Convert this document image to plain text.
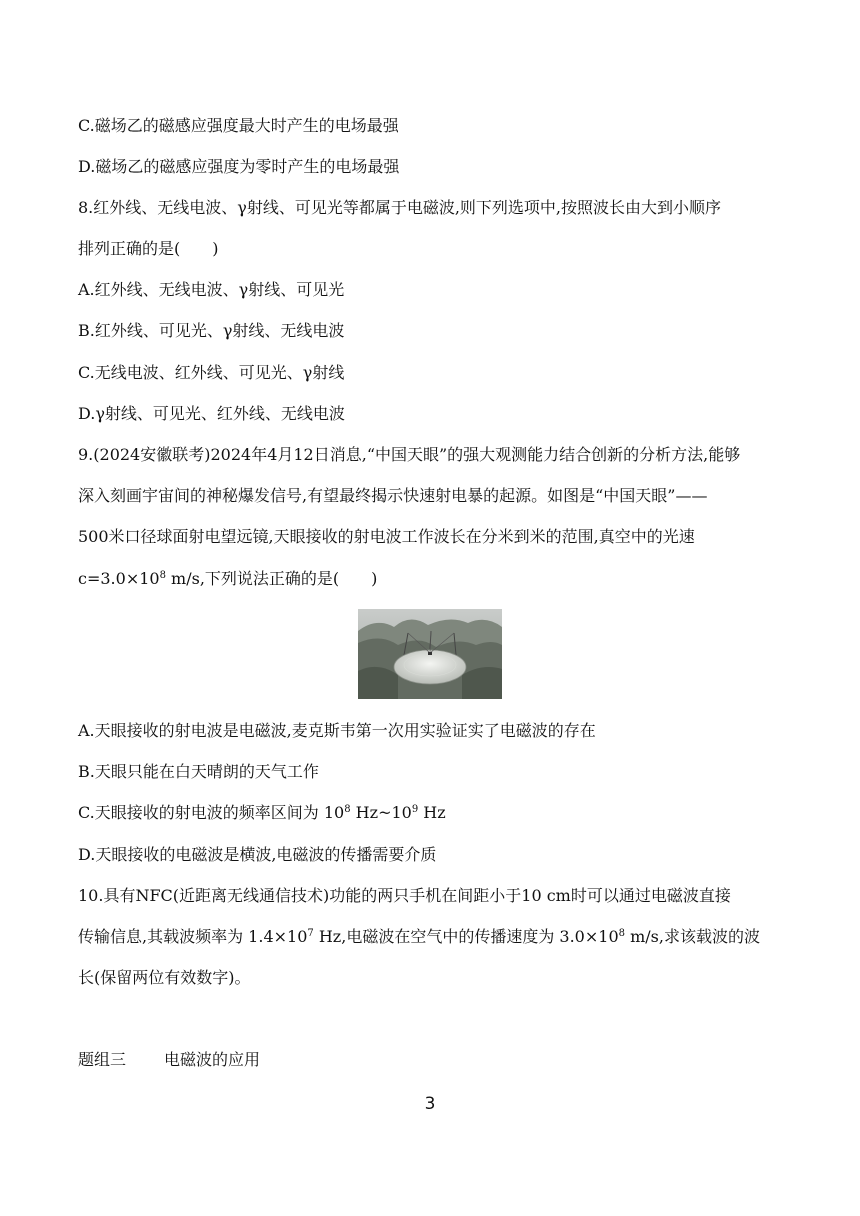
C.磁场乙的磁感应强度最大时产生的电场最强
D.磁场乙的磁感应强度为零时产生的电场最强
8.红外线、无线电波、γ射线、可见光等都属于电磁波,则下列选项中,按照波长由大到小顺序
排列正确的是(　　)
A.红外线、无线电波、γ射线、可见光
B.红外线、可见光、γ射线、无线电波
C.无线电波、红外线、可见光、γ射线
D.γ射线、可见光、红外线、无线电波
9.(2024安徽联考)2024年4月12日消息,“中国天眼”的强大观测能力结合创新的分析方法,能够
深入刻画宇宙间的神秘爆发信号,有望最终揭示快速射电暴的起源。如图是“中国天眼”——
500米口径球面射电望远镜,天眼接收的射电波工作波长在分米到米的范围,真空中的光速
$c=3.0\times 10^8$ m/s,下列说法正确的是(　　)
A.天眼接收的射电波是电磁波,麦克斯韦第一次用实验证实了电磁波的存在
B.天眼只能在白天晴朗的天气工作
C.天眼接收的射电波的频率区间为 $10^8$ $Hz\sim 10^9$ Hz
D.天眼接收的电磁波是横波,电磁波的传播需要介质
10.具有NFC(近距离无线通信技术)功能的两只手机在间距小于10 cm时可以通过电磁波直接
传输信息,其载波频率为 $1.4\times 10^7$ Hz,电磁波在空气中的传播速度为 $3.0\times 10^8$ m/s,求该载波的波
长(保留两位有效数字)。
题组三 电磁波的应用
3
